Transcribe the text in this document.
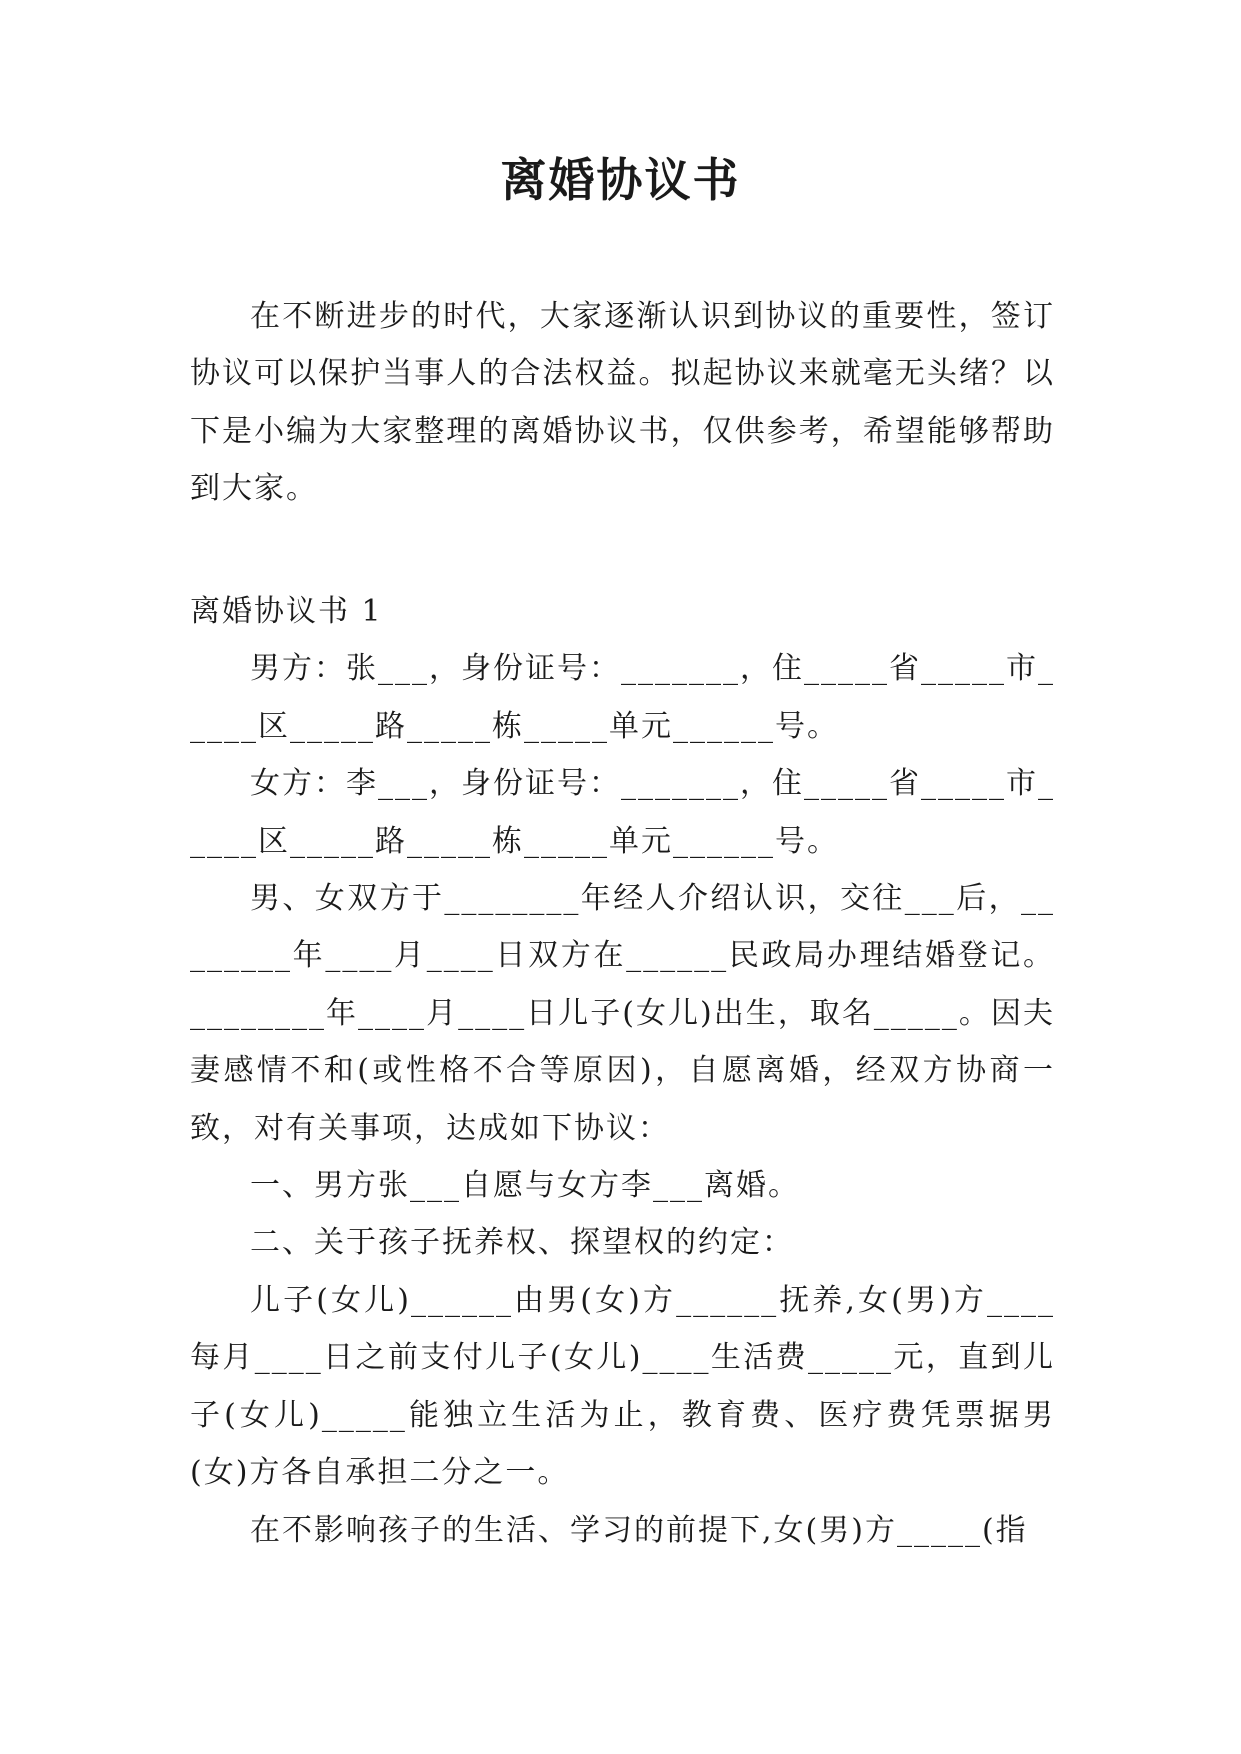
离婚协议书

在不断进步的时代，大家逐渐认识到协议的重要性，签订协议可以保护当事人的合法权益。拟起协议来就毫无头绪？以下是小编为大家整理的离婚协议书，仅供参考，希望能够帮助到大家。

离婚协议书 1

男方：张___，身份证号：_______，住_____省_____市_____区_____路_____栋_____单元______号。

女方：李___，身份证号：_______，住_____省_____市_____区_____路_____栋_____单元______号。

男、女双方于________年经人介绍认识，交往___后，________年____月____日双方在______民政局办理结婚登记。________年____月____日儿子(女儿)出生，取名_____。因夫妻感情不和(或性格不合等原因)，自愿离婚，经双方协商一致，对有关事项，达成如下协议：

一、男方张___自愿与女方李___离婚。

二、关于孩子抚养权、探望权的约定：

儿子(女儿)______由男(女)方______抚养,女(男)方____每月____日之前支付儿子(女儿)____生活费_____元，直到儿子(女儿)_____能独立生活为止，教育费、医疗费凭票据男(女)方各自承担二分之一。

在不影响孩子的生活、学习的前提下,女(男)方_____(指
